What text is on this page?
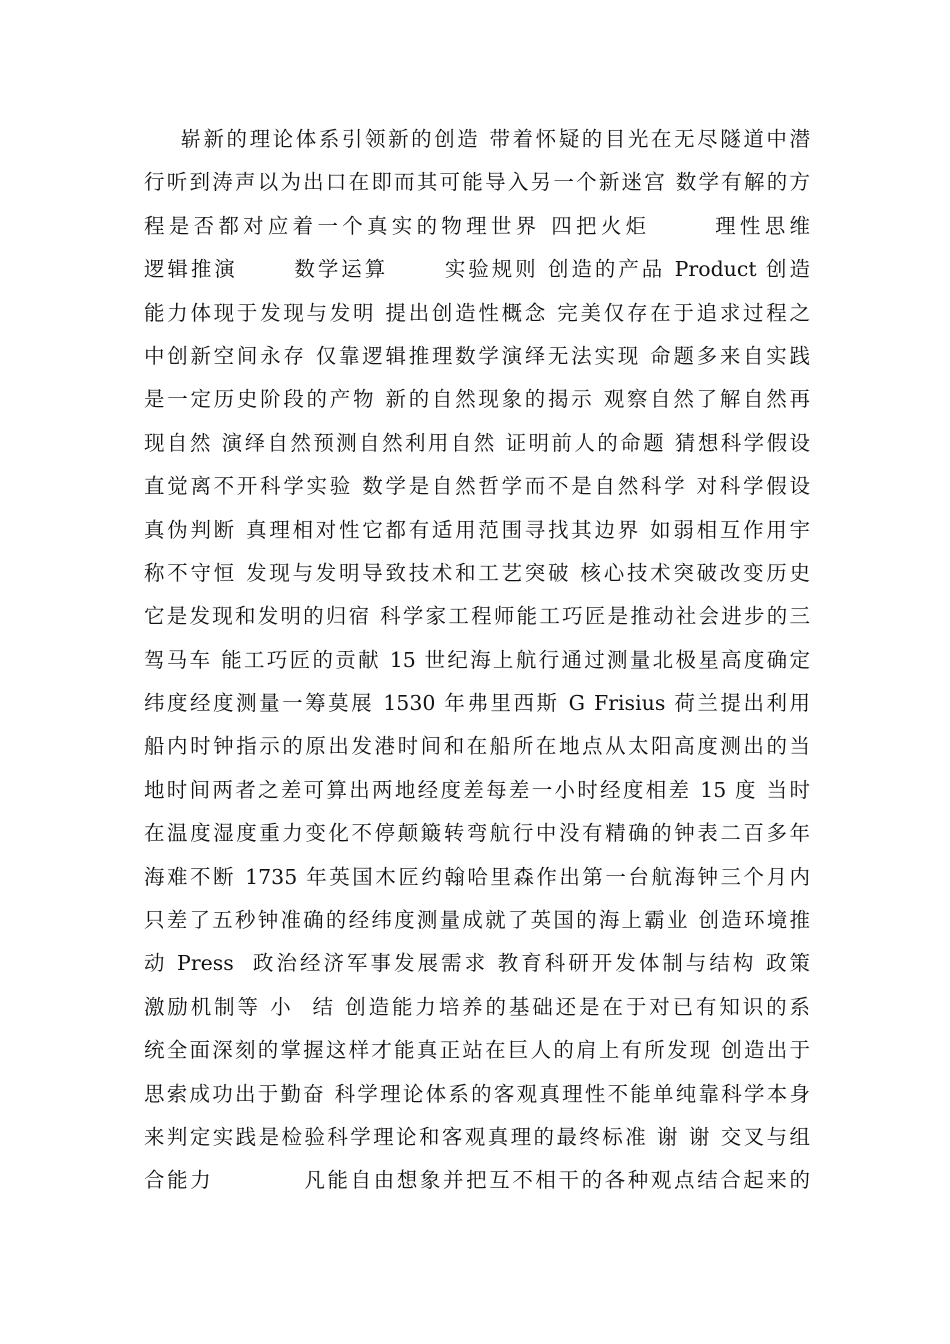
崭新的理论体系引领新的创造 带着怀疑的目光在无尽隧道中潜
行听到涛声以为出口在即而其可能导入另一个新迷宫 数学有解的方
程是否都对应着一个真实的物理世界 四把火炬      理性思维
逻辑推演      数学运算      实验规则 创造的产品 Product 创造
能力体现于发现与发明 提出创造性概念 完美仅存在于追求过程之
中创新空间永存 仅靠逻辑推理数学演绎无法实现 命题多来自实践
是一定历史阶段的产物 新的自然现象的揭示 观察自然了解自然再
现自然 演绎自然预测自然利用自然 证明前人的命题 猜想科学假设
直觉离不开科学实验 数学是自然哲学而不是自然科学 对科学假设
真伪判断 真理相对性它都有适用范围寻找其边界 如弱相互作用宇
称不守恒 发现与发明导致技术和工艺突破 核心技术突破改变历史
它是发现和发明的归宿 科学家工程师能工巧匠是推动社会进步的三
驾马车 能工巧匠的贡献 15 世纪海上航行通过测量北极星高度确定
纬度经度测量一筹莫展 1530 年弗里西斯 G Frisius 荷兰提出利用
船内时钟指示的原出发港时间和在船所在地点从太阳高度测出的当
地时间两者之差可算出两地经度差每差一小时经度相差 15 度 当时
在温度湿度重力变化不停颠簸转弯航行中没有精确的钟表二百多年
海难不断 1735 年英国木匠约翰哈里森作出第一台航海钟三个月内
只差了五秒钟准确的经纬度测量成就了英国的海上霸业 创造环境推
动 Press  政治经济军事发展需求 教育科研开发体制与结构 政策
激励机制等 小  结 创造能力培养的基础还是在于对已有知识的系
统全面深刻的掌握这样才能真正站在巨人的肩上有所发现 创造出于
思索成功出于勤奋 科学理论体系的客观真理性不能单纯靠科学本身
来判定实践是检验科学理论和客观真理的最终标准 谢 谢 交叉与组
合能力          凡能自由想象并把互不相干的各种观点结合起来的
